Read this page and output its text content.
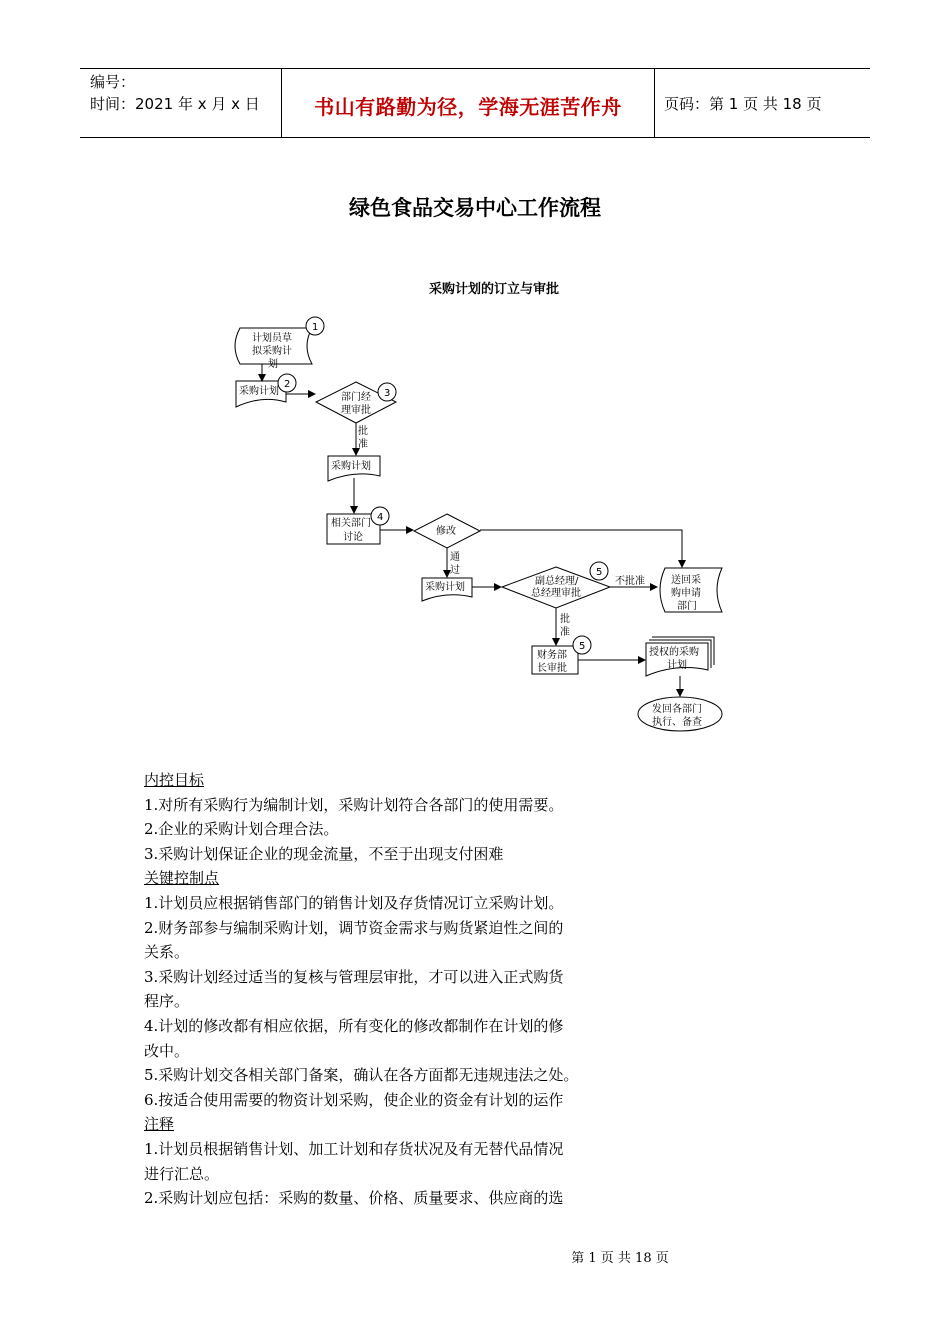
编号：
时间：2021 年 x 月 x 日	书山有路勤为径，学海无涯苦作舟	页码：第 1 页 共 18 页
绿色食品交易中心工作流程
采购计划的订立与审批
计划员草
拟采购计
划
1
采购计划
2
部门经
理审批
3
批
准
采购计划
相关部门
讨论
4
修改
通
过
采购计划
副总经理/
总经理审批
5
不批准	送回采
购申请
部门
批
准
财务部
长审批
5
授权的采购
计划
发回各部门
执行、备查
内控目标
1.对所有采购行为编制计划，采购计划符合各部门的使用需要。
2.企业的采购计划合理合法。
3.采购计划保证企业的现金流量，不至于出现支付困难
关键控制点
1.计划员应根据销售部门的销售计划及存货情况订立采购计划。
2.财务部参与编制采购计划，调节资金需求与购货紧迫性之间的
关系。
3.采购计划经过适当的复核与管理层审批，才可以进入正式购货
程序。
4.计划的修改都有相应依据，所有变化的修改都制作在计划的修
改中。
5.采购计划交各相关部门备案，确认在各方面都无违规违法之处。
6.按适合使用需要的物资计划采购，使企业的资金有计划的运作
注释
1.计划员根据销售计划、加工计划和存货状况及有无替代品情况
进行汇总。
2.采购计划应包括：采购的数量、价格、质量要求、供应商的选
第 1 页 共 18 页
